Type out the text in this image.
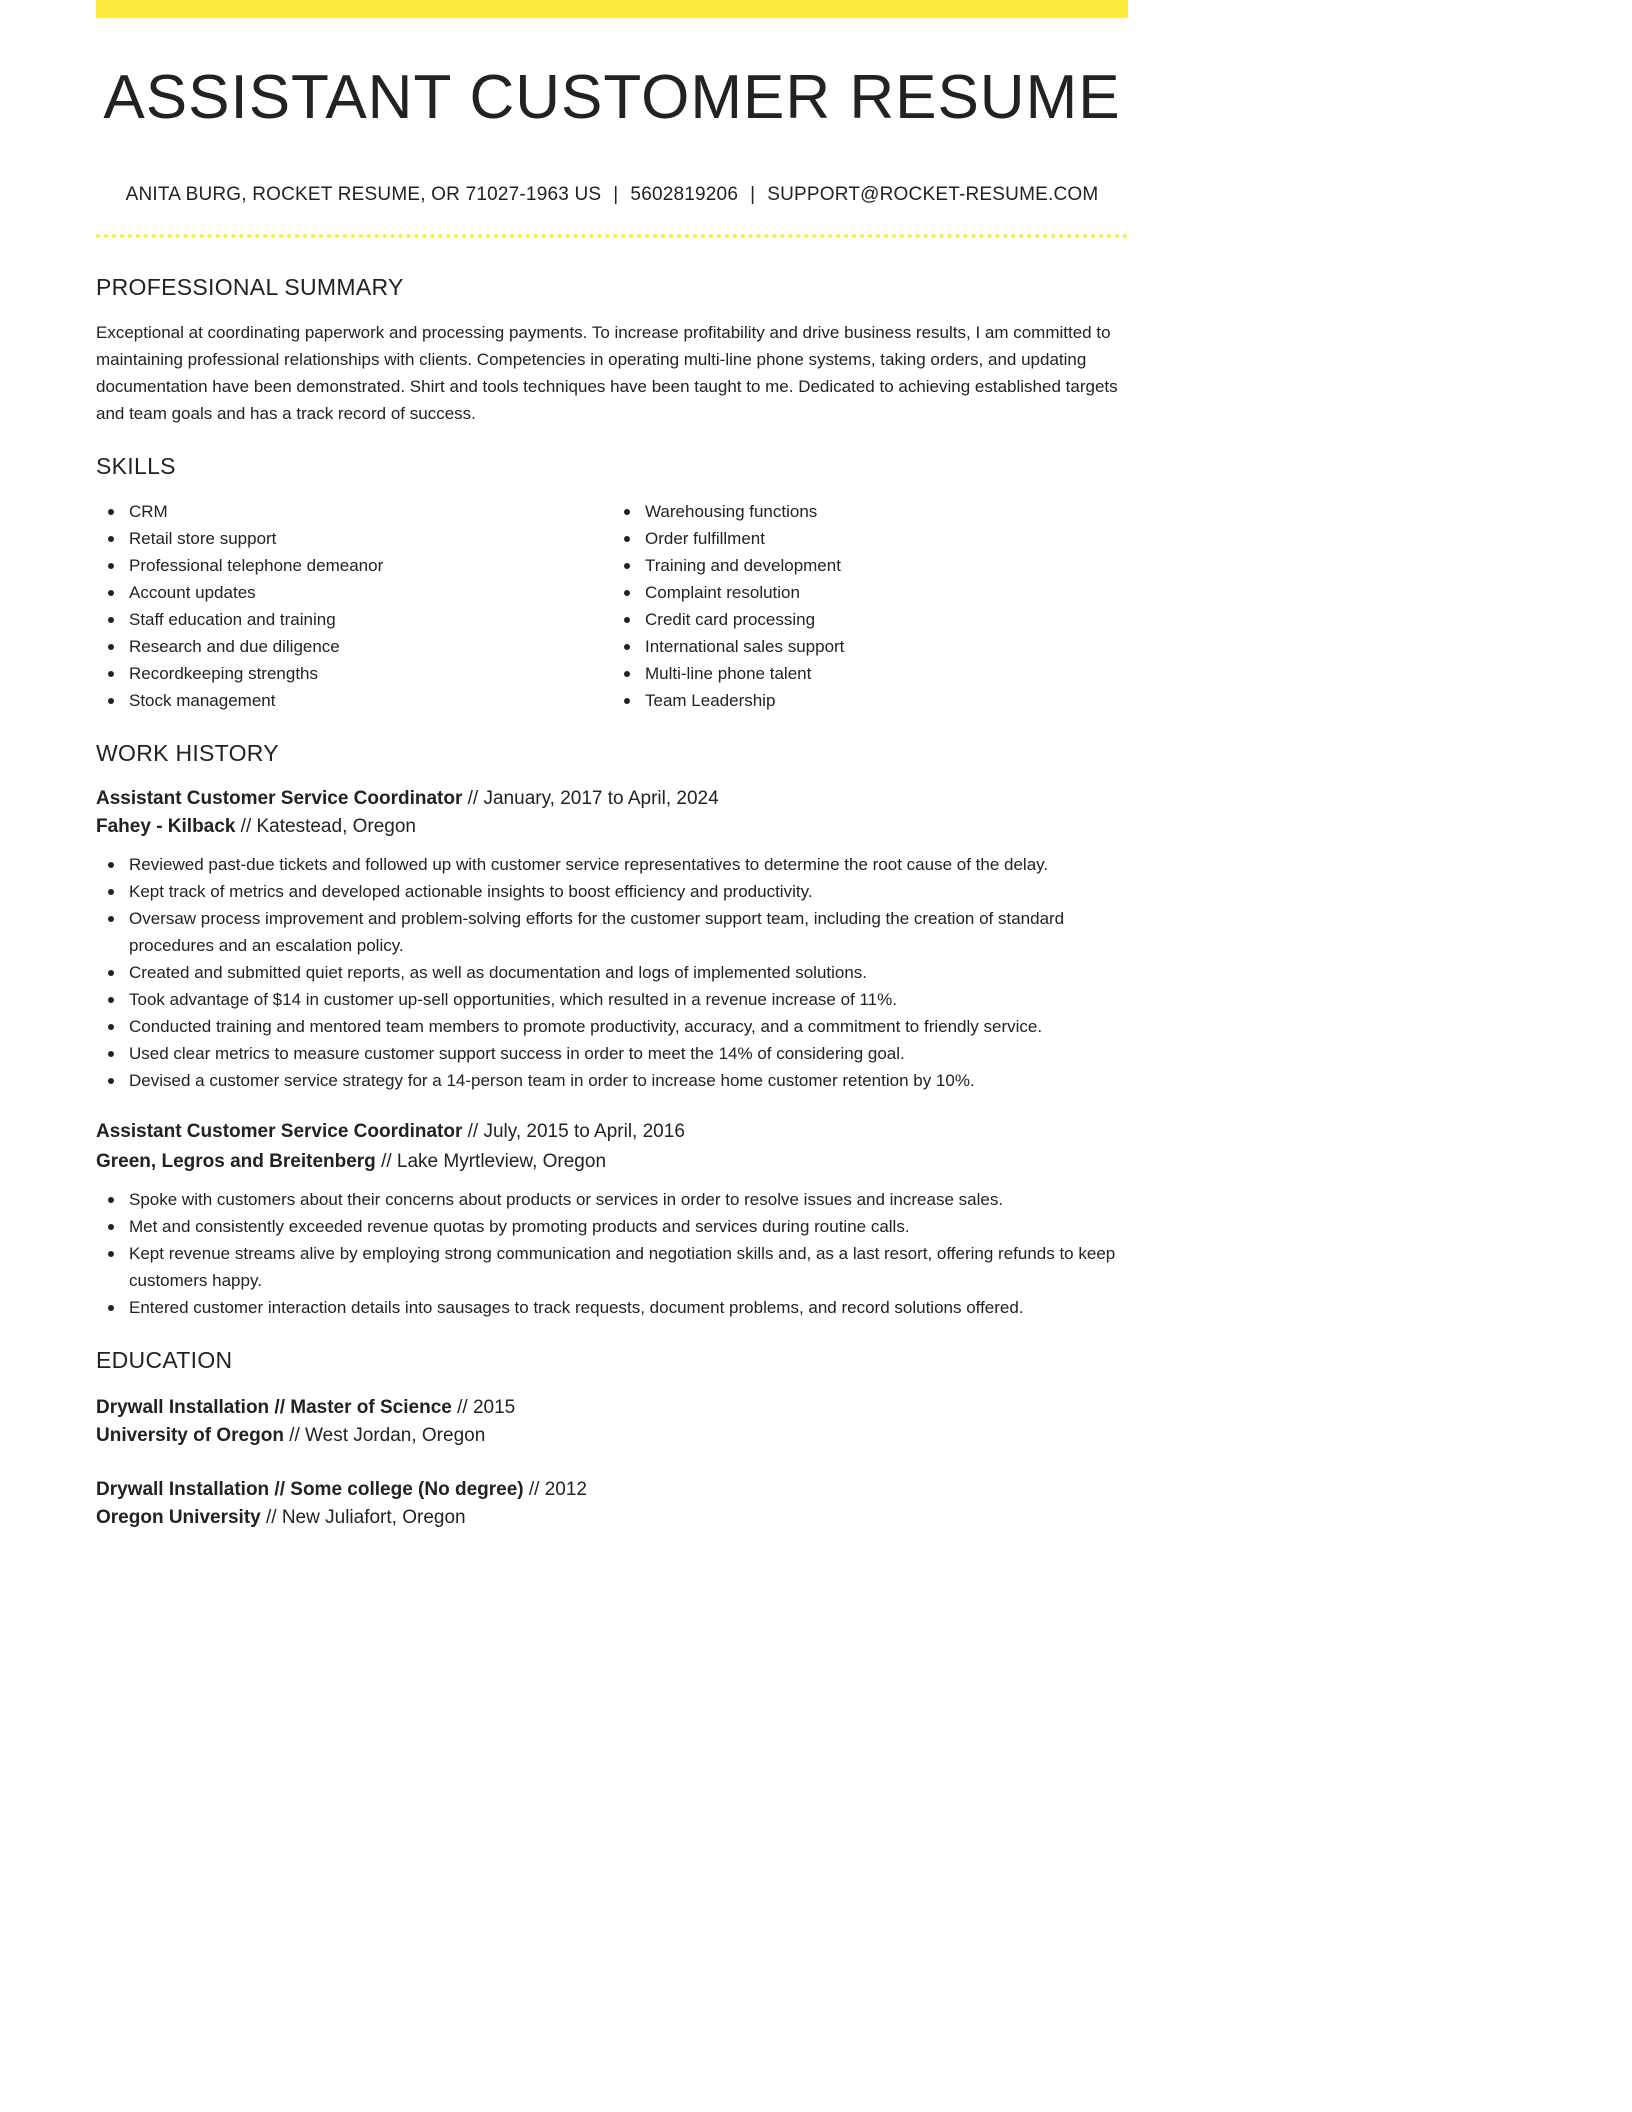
ASSISTANT CUSTOMER RESUME
ANITA BURG, ROCKET RESUME, OR 71027-1963 US | 5602819206 | SUPPORT@ROCKET-RESUME.COM
PROFESSIONAL SUMMARY

Exceptional at coordinating paperwork and processing payments. To increase profitability and drive business results, I am committed to maintaining professional relationships with clients. Competencies in operating multi-line phone systems, taking orders, and updating documentation have been demonstrated. Shirt and tools techniques have been taught to me. Dedicated to achieving established targets and team goals and has a track record of success.

SKILLS
CRM
Retail store support
Professional telephone demeanor
Account updates
Staff education and training
Research and due diligence
Recordkeeping strengths
Stock management
Warehousing functions
Order fulfillment
Training and development
Complaint resolution
Credit card processing
International sales support
Multi-line phone talent
Team Leadership
WORK HISTORY
Assistant Customer Service Coordinator // January, 2017 to April, 2024
Fahey - Kilback // Katestead, Oregon
Reviewed past-due tickets and followed up with customer service representatives to determine the root cause of the delay.
Kept track of metrics and developed actionable insights to boost efficiency and productivity.
Oversaw process improvement and problem-solving efforts for the customer support team, including the creation of standard procedures and an escalation policy.
Created and submitted quiet reports, as well as documentation and logs of implemented solutions.
Took advantage of $14 in customer up-sell opportunities, which resulted in a revenue increase of 11%.
Conducted training and mentored team members to promote productivity, accuracy, and a commitment to friendly service.
Used clear metrics to measure customer support success in order to meet the 14% of considering goal.
Devised a customer service strategy for a 14-person team in order to increase home customer retention by 10%.
Assistant Customer Service Coordinator // July, 2015 to April, 2016
Green, Legros and Breitenberg // Lake Myrtleview, Oregon
Spoke with customers about their concerns about products or services in order to resolve issues and increase sales.
Met and consistently exceeded revenue quotas by promoting products and services during routine calls.
Kept revenue streams alive by employing strong communication and negotiation skills and, as a last resort, offering refunds to keep customers happy.
Entered customer interaction details into sausages to track requests, document problems, and record solutions offered.
EDUCATION
Drywall Installation // Master of Science // 2015
University of Oregon // West Jordan, Oregon
Drywall Installation // Some college (No degree) // 2012
Oregon University // New Juliafort, Oregon
